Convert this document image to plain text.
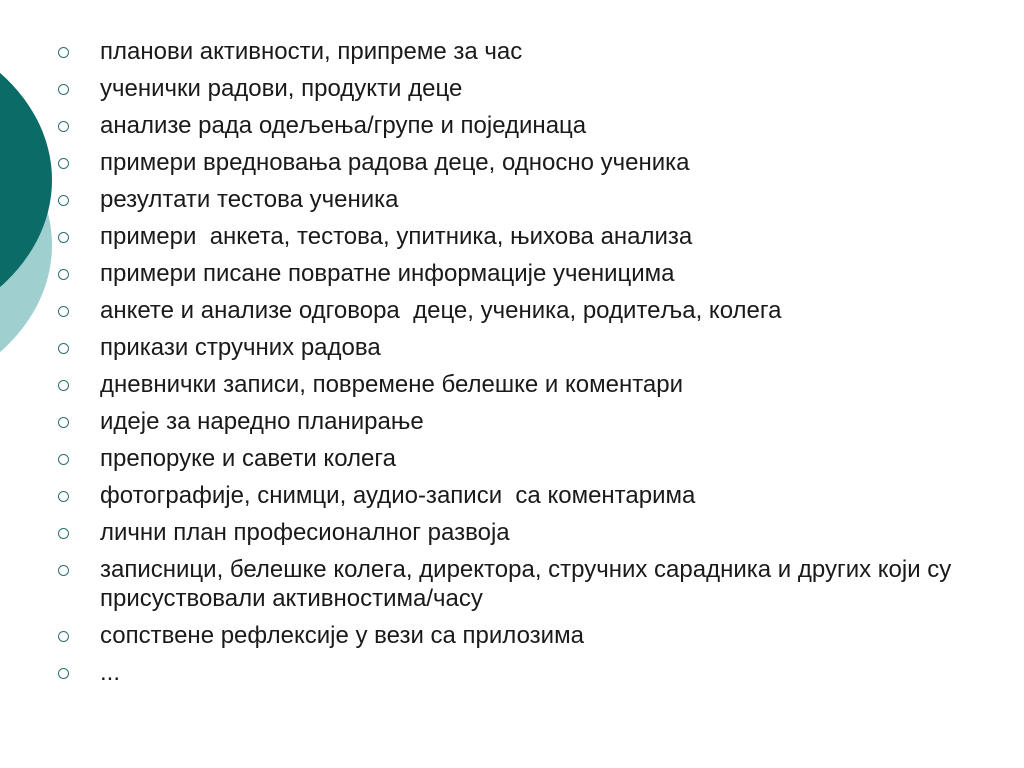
планови активности, припреме за час
ученички радови, продукти деце
анализе рада одељења/групе и појединаца
примери вредновања радова деце, односно ученика
резултати тестова ученика
примери  анкета, тестова, упитника, њихова анализа
примери писане повратне информације ученицима
анкете и анализе одговора  деце, ученика, родитеља, колега
прикази стручних радова
дневнички записи, повремене белешке и коментари
идеје за наредно планирање
препоруке и савети колега
фотографије, снимци, аудио-записи  са коментарима
лични план професионалног развоја
записници, белешке колега, директора, стручних сарадника и других који су присуствовали активностима/часу
сопствене рефлексије у вези са прилозима
...
